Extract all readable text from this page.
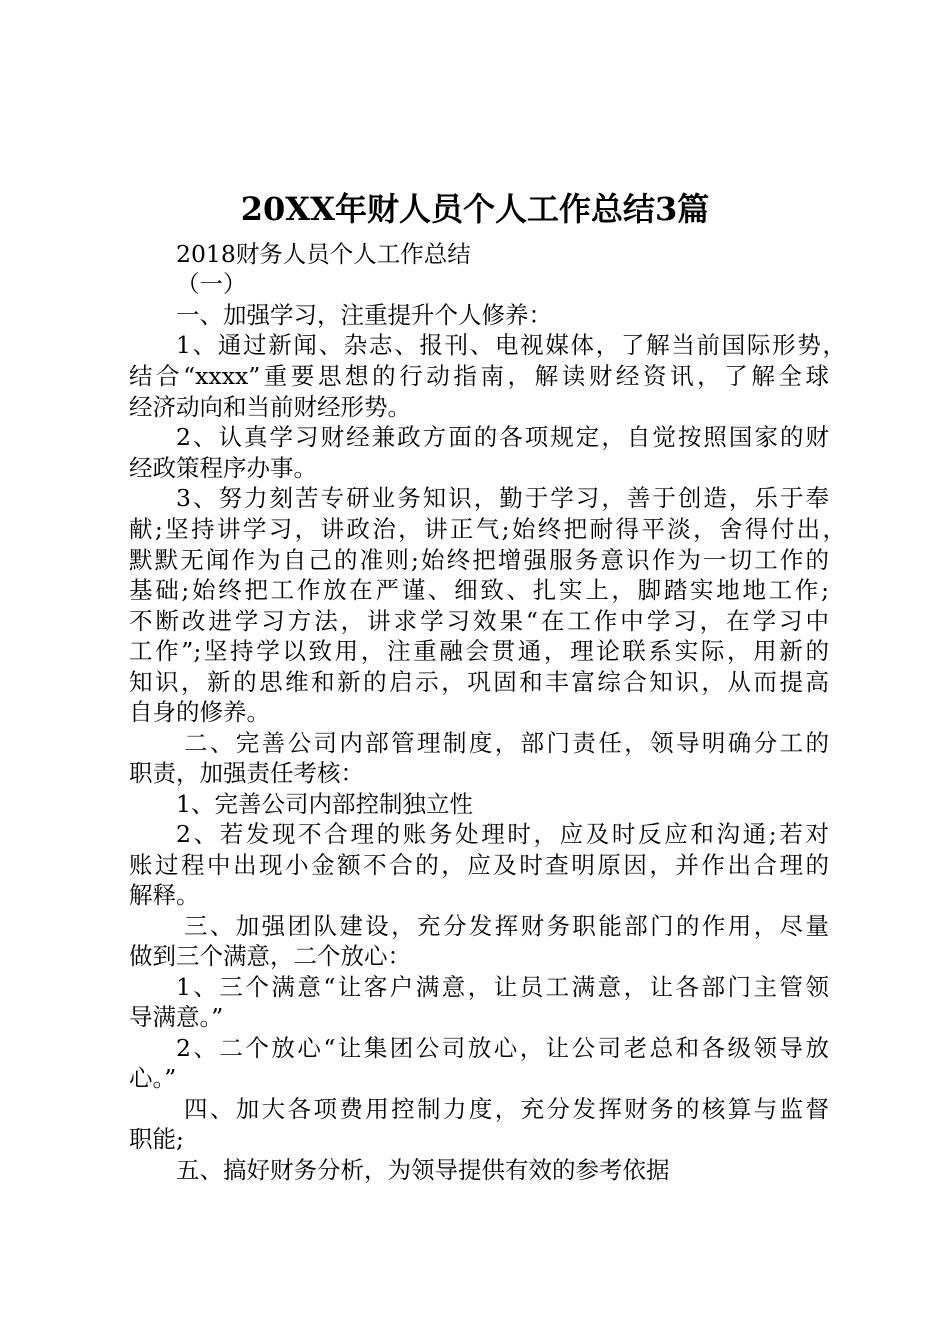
20XX年财人员个人工作总结3篇
2018财务人员个人工作总结
（一）
一、加强学习，注重提升个人修养：
1、通过新闻、杂志、报刊、电视媒体，了解当前国际形势，
结合“xxxx”重要思想的行动指南，解读财经资讯，了解全球
经济动向和当前财经形势。
2、认真学习财经兼政方面的各项规定，自觉按照国家的财
经政策程序办事。
3、努力刻苦专研业务知识，勤于学习，善于创造，乐于奉
献;坚持讲学习，讲政治，讲正气;始终把耐得平淡，舍得付出，
默默无闻作为自己的准则;始终把增强服务意识作为一切工作的
基础;始终把工作放在严谨、细致、扎实上，脚踏实地地工作;
不断改进学习方法，讲求学习效果“在工作中学习，在学习中
工作”;坚持学以致用，注重融会贯通，理论联系实际，用新的
知识，新的思维和新的启示，巩固和丰富综合知识，从而提高
自身的修养。
二、完善公司内部管理制度，部门责任，领导明确分工的
职责，加强责任考核：
1、完善公司内部控制独立性
2、若发现不合理的账务处理时，应及时反应和沟通;若对
账过程中出现小金额不合的，应及时查明原因，并作出合理的
解释。
三、加强团队建设，充分发挥财务职能部门的作用，尽量
做到三个满意，二个放心：
1、三个满意“让客户满意，让员工满意，让各部门主管领
导满意。”
2、二个放心“让集团公司放心，让公司老总和各级领导放
心。”
四、加大各项费用控制力度，充分发挥财务的核算与监督
职能;
五、搞好财务分析，为领导提供有效的参考依据
